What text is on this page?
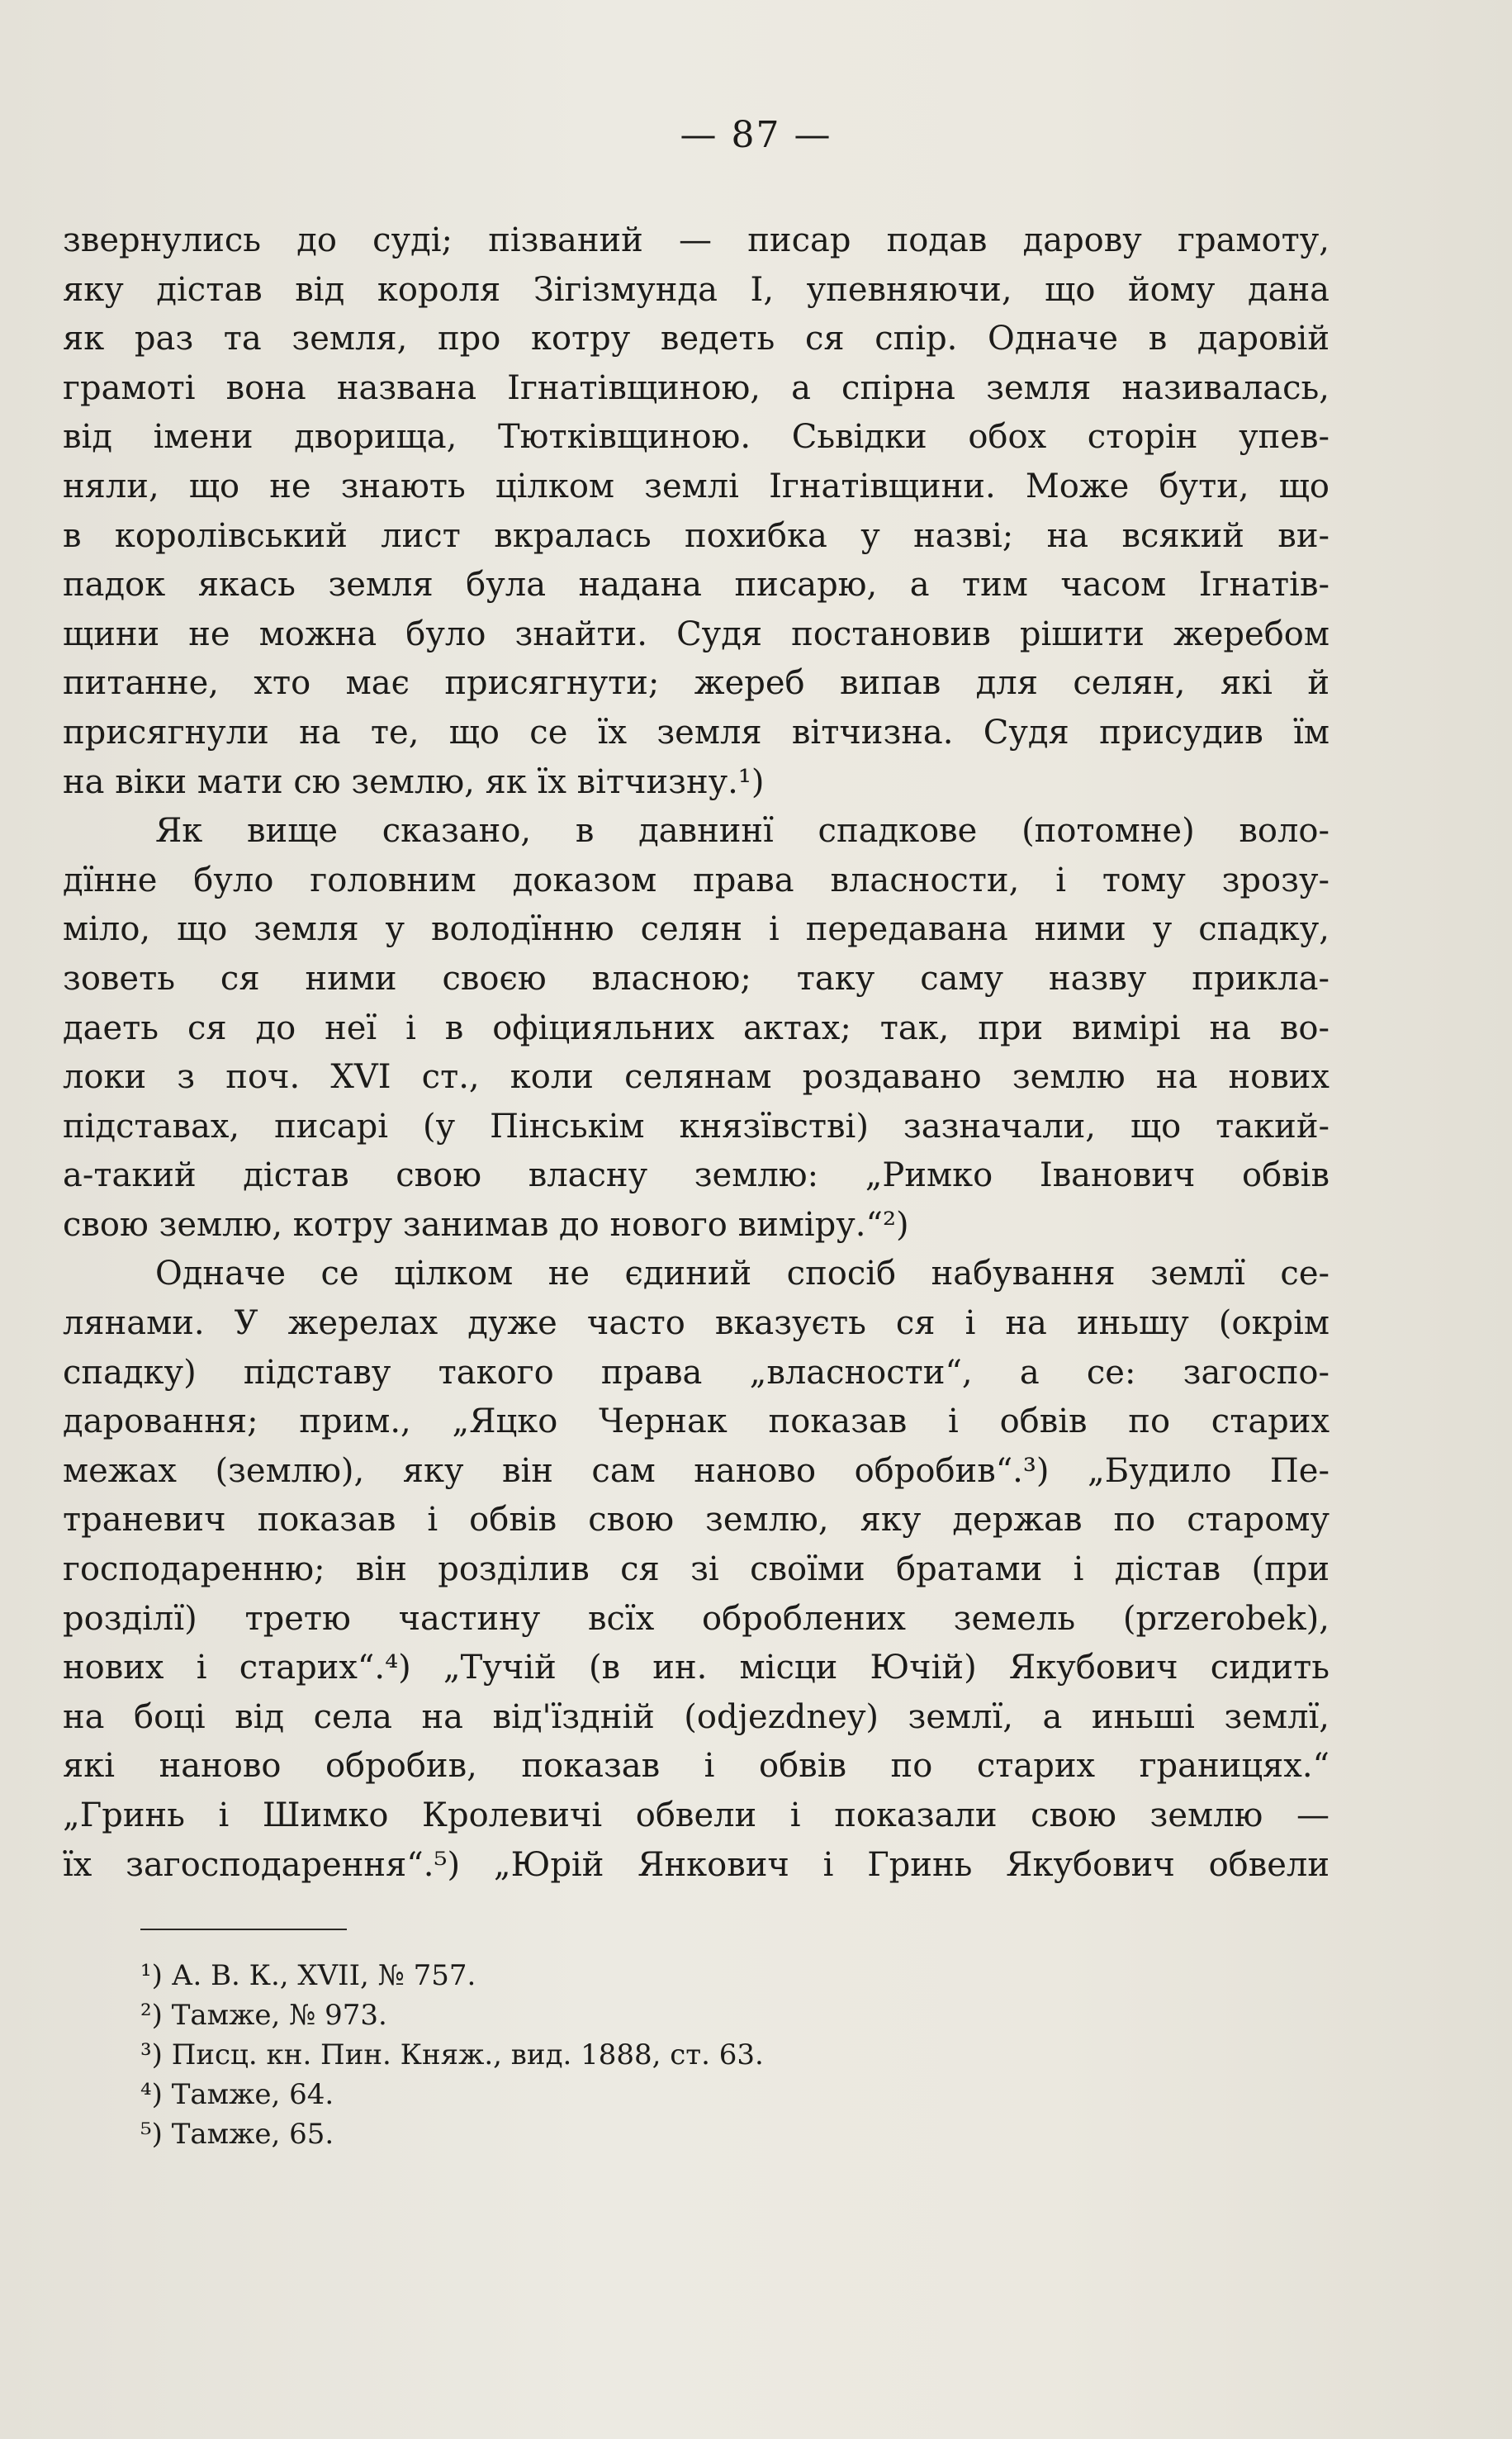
— 87 —
звернулись до суді; пізваний — писар подав дарову грамоту,
яку дістав від короля Зігізмунда I, упевняючи, що йому дана
як раз та земля, про котру ведеть ся спір. Одначе в даровій
грамоті вона названа Ігнатівщиною, а спірна земля називалась,
від імени дворища, Тютківщиною. Сьвідки обох сторін упев-
няли, що не знають цілком землі Ігнатівщини. Може бути, що
в королівський лист вкралась похибка у назві; на всякий ви-
падок якась земля була надана писарю, а тим часом Ігнатів-
щини не можна було знайти. Судя постановив рішити жеребом
питанне, хто має присягнути; жереб випав для селян, які й
присягнули на те, що се їх земля вітчизна. Судя присудив їм
на віки мати сю землю, як їх вітчизну.¹)
Як вище сказано, в давнинї спадкове (потомне) воло-
дїнне було головним доказом права власности, і тому зрозу-
міло, що земля у володїнню селян і передавана ними у спадку,
зоветь ся ними своєю власною; таку саму назву прикла-
даеть ся до неї і в офіцияльних актах; так, при вимірі на во-
локи з поч. XVI ст., коли селянам роздавано землю на нових
підставах, писарі (у Пінськім князївстві) зазначали, що такий-
а-такий дістав свою власну землю: „Римко Іванович обвів
свою землю, котру занимав до нового виміру.“²)
Одначе се цілком не єдиний спосіб набування землї се-
лянами. У жерелах дуже часто вказуєть ся і на иньшу (окрім
спадку) підставу такого права „власности“, а се: загоспо-
даровання; прим., „Яцко Чернак показав і обвів по старих
межах (землю), яку він сам наново обробив“.³) „Будило Пе-
траневич показав і обвів свою землю, яку держав по старому
господаренню; він розділив ся зі своїми братами і дістав (при
розділї) третю частину всїх оброблених земель (przerobek),
нових і старих“.⁴) „Тучій (в ин. місци Ючій) Якубович сидить
на боці від села на від'їздній (odjezdney) землї, а иньші землї,
які наново обробив, показав і обвів по старих границях.“
„Гринь і Шимко Кролевичі обвели і показали свою землю —
їх загосподарення“.⁵) „Юрій Янкович і Гринь Якубович обвели
¹) А. В. К., XVII, № 757.
²) Тамже, № 973.
³) Писц. кн. Пин. Княж., вид. 1888, ст. 63.
⁴) Тамже, 64.
⁵) Тамже, 65.
